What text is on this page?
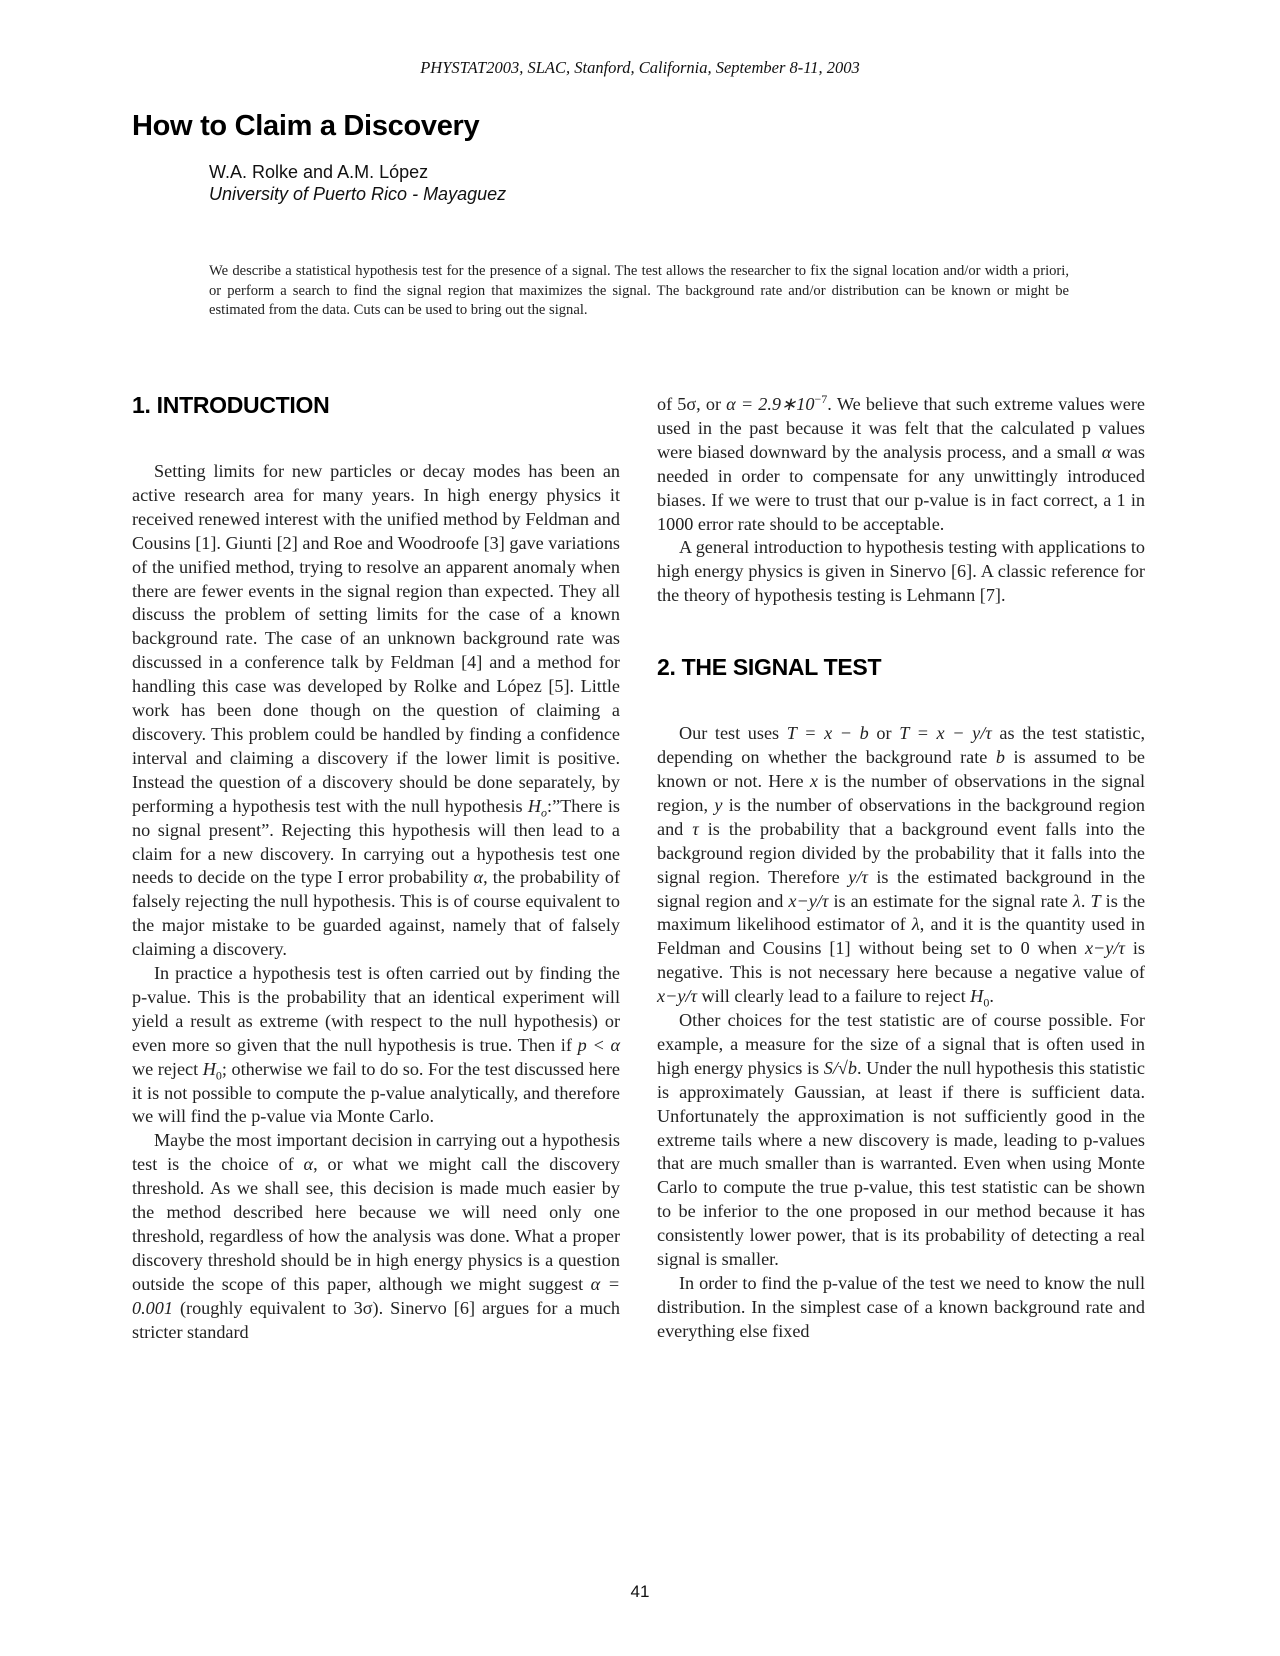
PHYSTAT2003, SLAC, Stanford, California, September 8-11, 2003
How to Claim a Discovery
W.A. Rolke and A.M. López
University of Puerto Rico - Mayaguez
We describe a statistical hypothesis test for the presence of a signal. The test allows the researcher to fix the signal location and/or width a priori, or perform a search to find the signal region that maximizes the signal. The background rate and/or distribution can be known or might be estimated from the data. Cuts can be used to bring out the signal.
1. INTRODUCTION

Setting limits for new particles or decay modes has been an active research area for many years. In high energy physics it received renewed interest with the unified method by Feldman and Cousins [1]. Giunti [2] and Roe and Woodroofe [3] gave variations of the unified method, trying to resolve an apparent anomaly when there are fewer events in the signal region than expected. They all discuss the problem of setting limits for the case of a known background rate. The case of an unknown background rate was discussed in a conference talk by Feldman [4] and a method for handling this case was developed by Rolke and López [5]. Little work has been done though on the question of claiming a discovery. This problem could be handled by finding a confidence interval and claiming a discovery if the lower limit is positive. Instead the question of a discovery should be done separately, by performing a hypothesis test with the null hypothesis $H_o:”There$ is no signal present”. Rejecting this hypothesis will then lead to a claim for a new discovery. In carrying out a hypothesis test one needs to decide on the type I error probability α, the probability of falsely rejecting the null hypothesis. This is of course equivalent to the major mistake to be guarded against, namely that of falsely claiming a discovery.

In practice a hypothesis test is often carried out by finding the p-value. This is the probability that an identical experiment will yield a result as extreme (with respect to the null hypothesis) or even more so given that the null hypothesis is true. Then if p < α we reject $H_0$; otherwise we fail to do so. For the test discussed here it is not possible to compute the p-value analytically, and therefore we will find the p-value via Monte Carlo.

Maybe the most important decision in carrying out a hypothesis test is the choice of α, or what we might call the discovery threshold. As we shall see, this decision is made much easier by the method described here because we will need only one threshold, regardless of how the analysis was done. What a proper discovery threshold should be in high energy physics is a question outside the scope of this paper, although we might suggest α = 0.001 (roughly equivalent to 3σ). Sinervo [6] argues for a much stricter standard

of 5σ, or $\alpha = 2.9∗10^{-7}$. We believe that such extreme values were used in the past because it was felt that the calculated p values were biased downward by the analysis process, and a small α was needed in order to compensate for any unwittingly introduced biases. If we were to trust that our p-value is in fact correct, a 1 in 1000 error rate should to be acceptable.

A general introduction to hypothesis testing with applications to high energy physics is given in Sinervo [6]. A classic reference for the theory of hypothesis testing is Lehmann [7].

2. THE SIGNAL TEST

Our test uses T = x − b or T = x − y/τ as the test statistic, depending on whether the background rate b is assumed to be known or not. Here x is the number of observations in the signal region, y is the number of observations in the background region and τ is the probability that a background event falls into the background region divided by the probability that it falls into the signal region. Therefore y/τ is the estimated background in the signal region and x−y/τ is an estimate for the signal rate λ. T is the maximum likelihood estimator of λ, and it is the quantity used in Feldman and Cousins [1] without being set to 0 when x−y/τ is negative. This is not necessary here because a negative value of x−y/τ will clearly lead to a failure to reject $H_0$.

Other choices for the test statistic are of course possible. For example, a measure for the size of a signal that is often used in high energy physics is S/√b. Under the null hypothesis this statistic is approximately Gaussian, at least if there is sufficient data. Unfortunately the approximation is not sufficiently good in the extreme tails where a new discovery is made, leading to p-values that are much smaller than is warranted. Even when using Monte Carlo to compute the true p-value, this test statistic can be shown to be inferior to the one proposed in our method because it has consistently lower power, that is its probability of detecting a real signal is smaller.

In order to find the p-value of the test we need to know the null distribution. In the simplest case of a known background rate and everything else fixed

41
